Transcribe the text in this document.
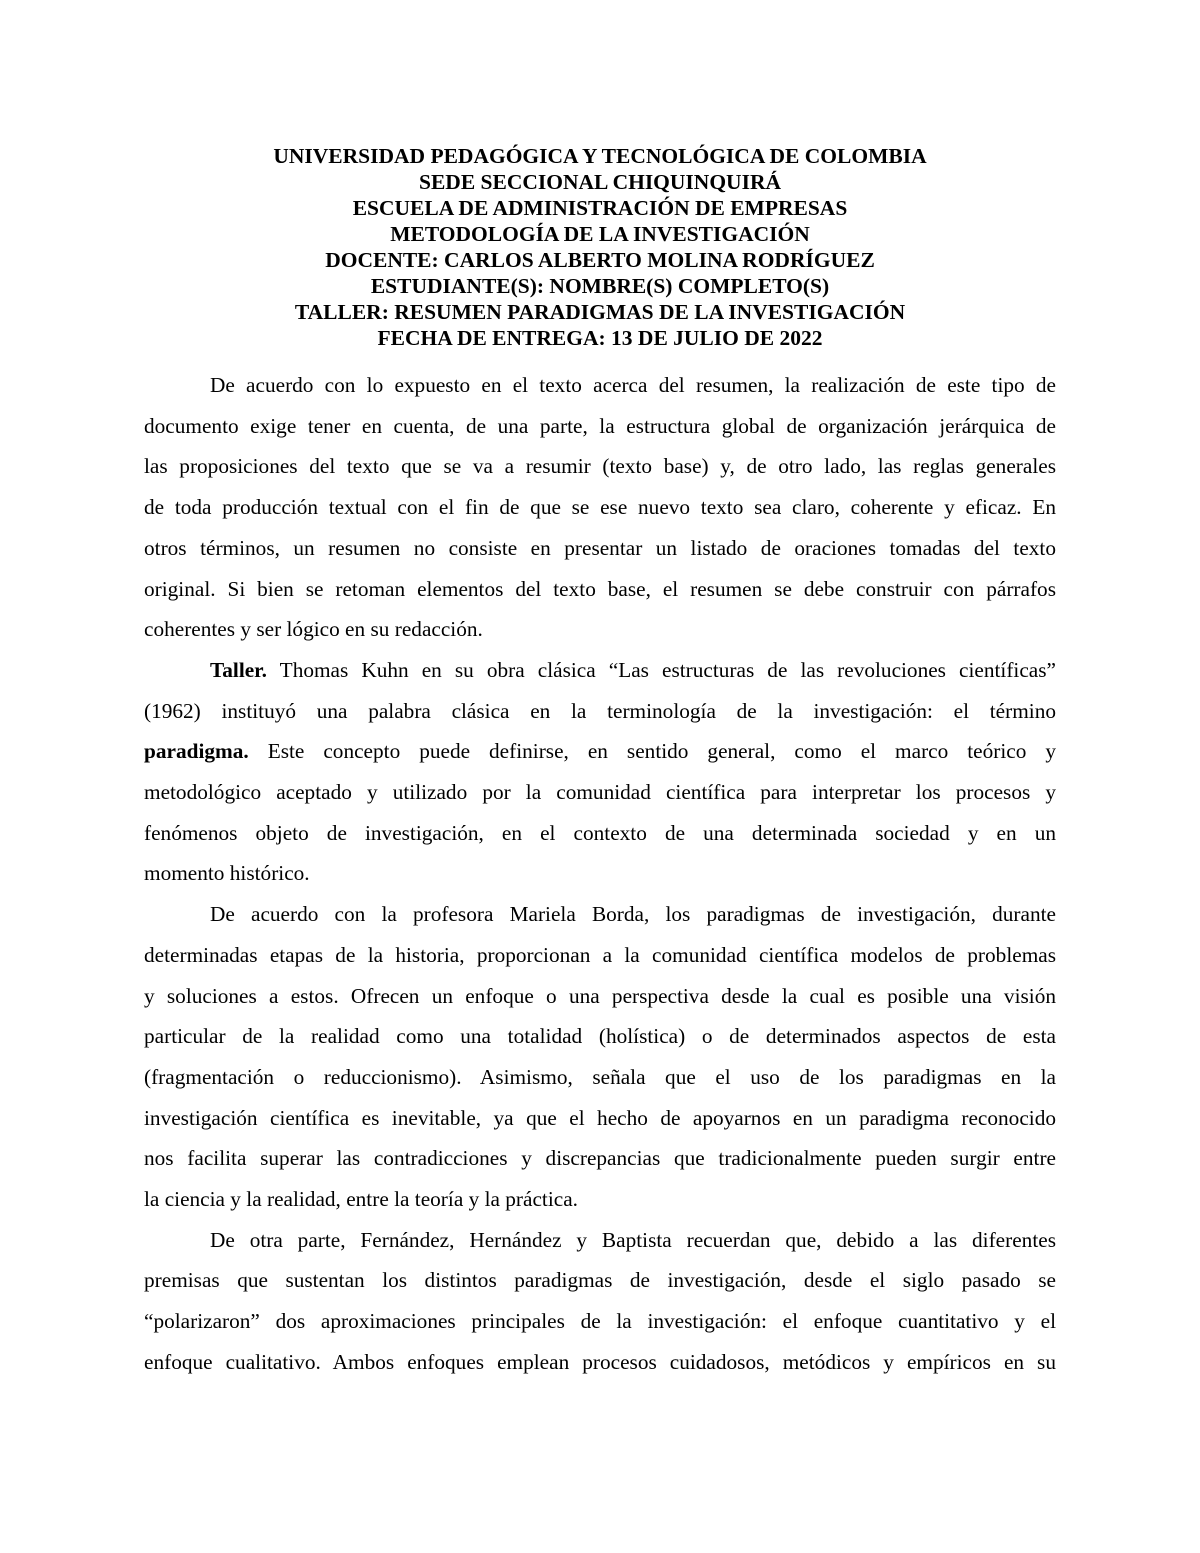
UNIVERSIDAD PEDAGÓGICA Y TECNOLÓGICA DE COLOMBIA
SEDE SECCIONAL CHIQUINQUIRÁ
ESCUELA DE ADMINISTRACIÓN DE EMPRESAS
METODOLOGÍA DE LA INVESTIGACIÓN
DOCENTE: CARLOS ALBERTO MOLINA RODRÍGUEZ
ESTUDIANTE(S): NOMBRE(S) COMPLETO(S)
TALLER: RESUMEN PARADIGMAS DE LA INVESTIGACIÓN
FECHA DE ENTREGA: 13 DE JULIO DE 2022
De acuerdo con lo expuesto en el texto acerca del resumen, la realización de este tipo de
documento exige tener en cuenta, de una parte, la estructura global de organización jerárquica de
las proposiciones del texto que se va a resumir (texto base) y, de otro lado, las reglas generales
de toda producción textual con el fin de que se ese nuevo texto sea claro, coherente y eficaz. En
otros términos, un resumen no consiste en presentar un listado de oraciones tomadas del texto
original. Si bien se retoman elementos del texto base, el resumen se debe construir con párrafos
coherentes y ser lógico en su redacción.
Taller. Thomas Kuhn en su obra clásica “Las estructuras de las revoluciones científicas”
(1962) instituyó una palabra clásica en la terminología de la investigación: el término
paradigma. Este concepto puede definirse, en sentido general, como el marco teórico y
metodológico aceptado y utilizado por la comunidad científica para interpretar los procesos y
fenómenos objeto de investigación, en el contexto de una determinada sociedad y en un
momento histórico.
De acuerdo con la profesora Mariela Borda, los paradigmas de investigación, durante
determinadas etapas de la historia, proporcionan a la comunidad científica modelos de problemas
y soluciones a estos. Ofrecen un enfoque o una perspectiva desde la cual es posible una visión
particular de la realidad como una totalidad (holística) o de determinados aspectos de esta
(fragmentación o reduccionismo). Asimismo, señala que el uso de los paradigmas en la
investigación científica es inevitable, ya que el hecho de apoyarnos en un paradigma reconocido
nos facilita superar las contradicciones y discrepancias que tradicionalmente pueden surgir entre
la ciencia y la realidad, entre la teoría y la práctica.
De otra parte, Fernández, Hernández y Baptista recuerdan que, debido a las diferentes
premisas que sustentan los distintos paradigmas de investigación, desde el siglo pasado se
“polarizaron” dos aproximaciones principales de la investigación: el enfoque cuantitativo y el
enfoque cualitativo. Ambos enfoques emplean procesos cuidadosos, metódicos y empíricos en su
